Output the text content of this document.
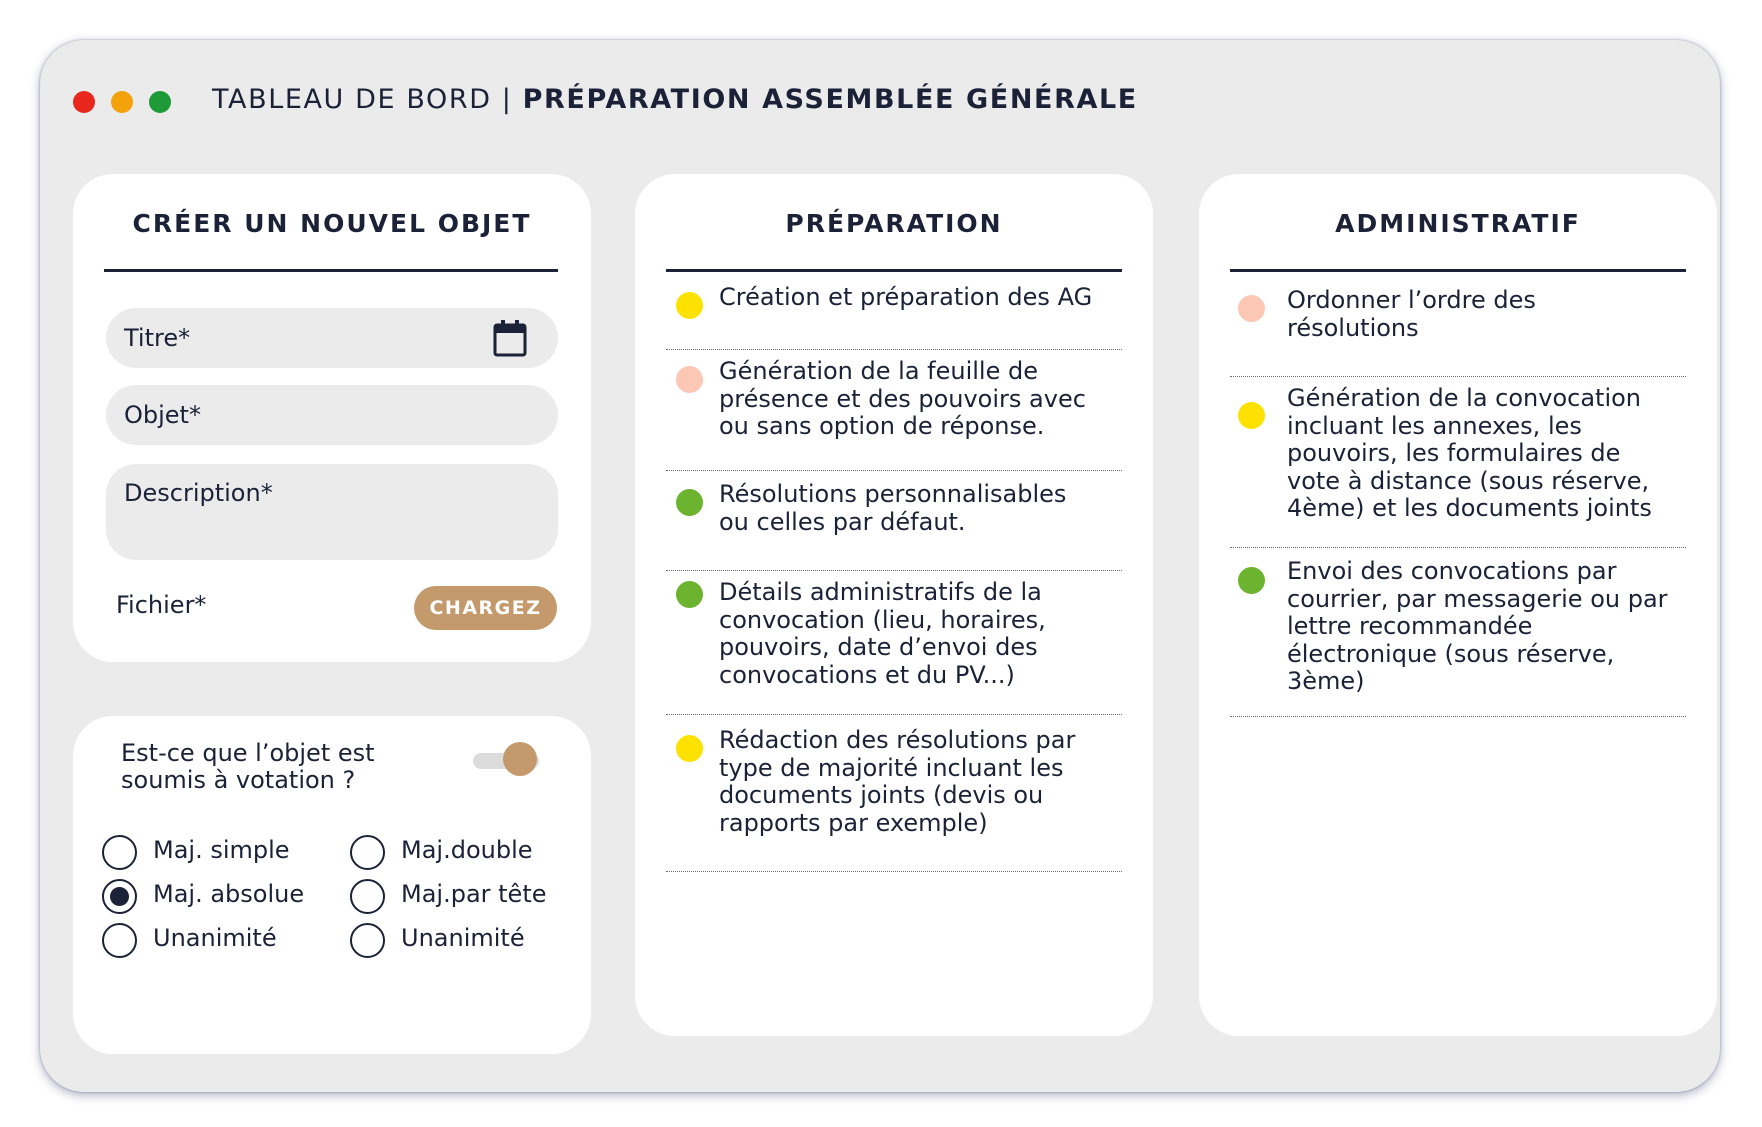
TABLEAU DE BORD | PRÉPARATION ASSEMBLÉE GÉNÉRALE
CRÉER UN NOUVEL OBJET
Titre*
Objet*
Description*
Fichier*	CHARGEZ
Est-ce que l’objet est
soumis à votation ?
Maj. simple	Maj.double
Maj. absolue	Maj.par tête
Unanimité	Unanimité
PRÉPARATION
Création et préparation des AG
Génération de la feuille de
présence et des pouvoirs avec
ou sans option de réponse.
Résolutions personnalisables
ou celles par défaut.
Détails administratifs de la
convocation (lieu, horaires,
pouvoirs, date d’envoi des
convocations et du PV...)
Rédaction des résolutions par
type de majorité incluant les
documents joints (devis ou
rapports par exemple)
ADMINISTRATIF
Ordonner l’ordre des
résolutions
Génération de la convocation
incluant les annexes, les
pouvoirs, les formulaires de
vote à distance (sous réserve,
4ème) et les documents joints
Envoi des convocations par
courrier, par messagerie ou par
lettre recommandée
électronique (sous réserve,
3ème)
